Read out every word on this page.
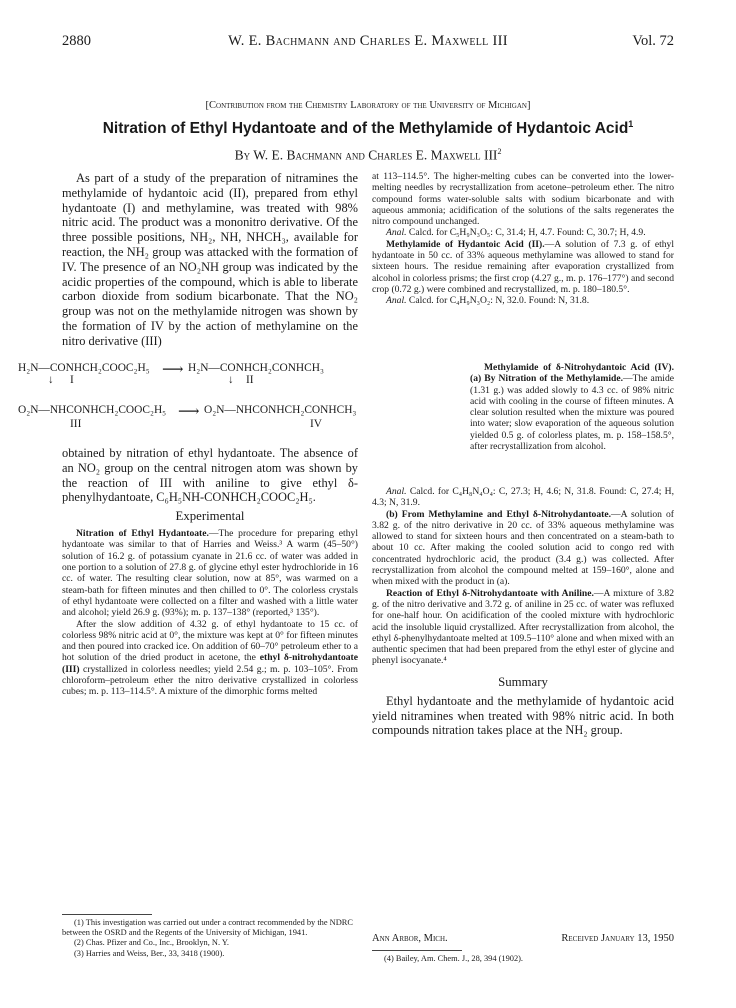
2880	W. E. Bachmann and Charles E. Maxwell III	Vol. 72
[Contribution from the Chemistry Laboratory of the University of Michigan]
Nitration of Ethyl Hydantoate and of the Methylamide of Hydantoic Acid$^1$
By W. E. Bachmann and Charles E. Maxwell III$^2$

As part of a study of the preparation of nitramines the methylamide of hydantoic acid (II), prepared from ethyl hydantoate (I) and methylamine, was treated with 98% nitric acid. The product was a mononitro derivative. Of the three possible positions, NH₂, NH, NHCH₃, available for reaction, the NH₂ group was attacked with the formation of IV. The presence of an NO₂NH group was indicated by the acidic properties of the compound, which is able to liberate carbon dioxide from sodium bicarbonate. That the NO₂ group was not on the methylamide nitrogen was shown by the formation of IV by the action of methylamine on the nitro derivative (III)

H₂N—CONHCH₂COOC₂H₅ ⟶ H₂N—CONHCH₂CONHCH₃
↓ I	↓ II
O₂N—NHCONHCH₂COOC₂H₅ ⟶ O₂N—NHCONHCH₂CONHCH₃
III	IV

obtained by nitration of ethyl hydantoate. The absence of an NO₂ group on the central nitrogen atom was shown by the reaction of III with aniline to give ethyl δ-phenylhydantoate, C₆H₅NH-CONHCH₂COOC₂H₅.

Experimental

Nitration of Ethyl Hydantoate.—The procedure for preparing ethyl hydantoate was similar to that of Harries and Weiss.³ A warm (45–50°) solution of 16.2 g. of potassium cyanate in 21.6 cc. of water was added in one portion to a solution of 27.8 g. of glycine ethyl ester hydrochloride in 16 cc. of water. The resulting clear solution, now at 85°, was warmed on a steam-bath for fifteen minutes and then chilled to 0°. The colorless crystals of ethyl hydantoate were collected on a filter and washed with a little water and alcohol; yield 26.9 g. (93%); m. p. 137–138° (reported,³ 135°).

After the slow addition of 4.32 g. of ethyl hydantoate to 15 cc. of colorless 98% nitric acid at 0°, the mixture was kept at 0° for fifteen minutes and then poured into cracked ice. On addition of 60–70° petroleum ether to a hot solution of the dried product in acetone, the ethyl δ-nitrohydantoate (III) crystallized in colorless needles; yield 2.54 g.; m. p. 103–105°. From chloroform–petroleum ether the nitro derivative crystallized in colorless cubes; m. p. 113–114.5°. A mixture of the dimorphic forms melted

(1) This investigation was carried out under a contract recommended by the NDRC between the OSRD and the Regents of the University of Michigan, 1941.

(2) Chas. Pfizer and Co., Inc., Brooklyn, N. Y.

(3) Harries and Weiss, Ber., 33, 3418 (1900).

at 113–114.5°. The higher-melting cubes can be converted into the lower-melting needles by recrystallization from acetone–petroleum ether. The nitro compound forms water-soluble salts with sodium bicarbonate and with aqueous ammonia; acidification of the solutions of the salts regenerates the nitro compound unchanged.

Anal. Calcd. for C₅H₉N₃O₅: C, 31.4; H, 4.7. Found: C, 30.7; H, 4.9.

Methylamide of Hydantoic Acid (II).—A solution of 7.3 g. of ethyl hydantoate in 50 cc. of 33% aqueous methylamine was allowed to stand for sixteen hours. The residue remaining after evaporation crystallized from alcohol in colorless prisms; the first crop (4.27 g., m. p. 176–177°) and second crop (0.72 g.) were combined and recrystallized, m. p. 180–180.5°.

Anal. Calcd. for C₄H₉N₃O₂: N, 32.0. Found: N, 31.8.

Methylamide of δ-Nitrohydantoic Acid (IV). (a) By Nitration of the Methylamide.—The amide (1.31 g.) was added slowly to 4.3 cc. of 98% nitric acid with cooling in the course of fifteen minutes. A clear solution resulted when the mixture was poured into water; slow evaporation of the aqueous solution yielded 0.5 g. of colorless plates, m. p. 158–158.5°, after recrystallization from alcohol.

Anal. Calcd. for C₄H₈N₄O₄: C, 27.3; H, 4.6; N, 31.8. Found: C, 27.4; H, 4.3; N, 31.9.

(b) From Methylamine and Ethyl δ-Nitrohydantoate.—A solution of 3.82 g. of the nitro derivative in 20 cc. of 33% aqueous methylamine was allowed to stand for sixteen hours and then concentrated on a steam-bath to about 10 cc. After making the cooled solution acid to congo red with concentrated hydrochloric acid, the product (3.4 g.) was collected. After recrystallization from alcohol the compound melted at 159–160°, alone and when mixed with the product in (a).

Reaction of Ethyl δ-Nitrohydantoate with Aniline.—A mixture of 3.82 g. of the nitro derivative and 3.72 g. of aniline in 25 cc. of water was refluxed for one-half hour. On acidification of the cooled mixture with hydrochloric acid the insoluble liquid crystallized. After recrystallization from alcohol, the ethyl δ-phenylhydantoate melted at 109.5–110° alone and when mixed with an authentic specimen that had been prepared from the ethyl ester of glycine and phenyl isocyanate.⁴

Summary

Ethyl hydantoate and the methylamide of hydantoic acid yield nitramines when treated with 98% nitric acid. In both compounds nitration takes place at the NH₂ group.

Ann Arbor, Mich.	Received January 13, 1950

(4) Bailey, Am. Chem. J., 28, 394 (1902).
